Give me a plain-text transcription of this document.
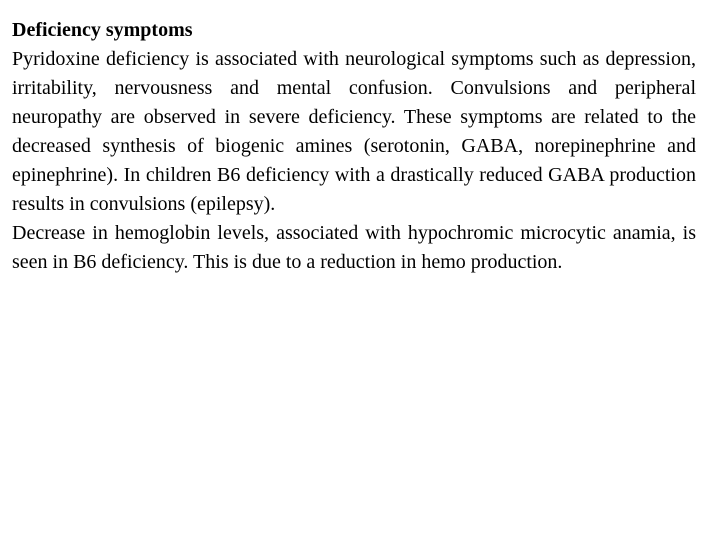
Deficiency symptoms

Pyridoxine deficiency is associated with neurological symptoms such as depression, irritability, nervousness and mental confusion. Convulsions and peripheral neuropathy are observed in severe deficiency. These symptoms are related to the decreased synthesis of biogenic amines (serotonin, GABA, norepinephrine and epinephrine). In children B6 deficiency with a drastically reduced GABA production results in convulsions (epilepsy).

Decrease in hemoglobin levels, associated with hypochromic microcytic anamia, is seen in B6 deficiency. This is due to a reduction in hemo production.
